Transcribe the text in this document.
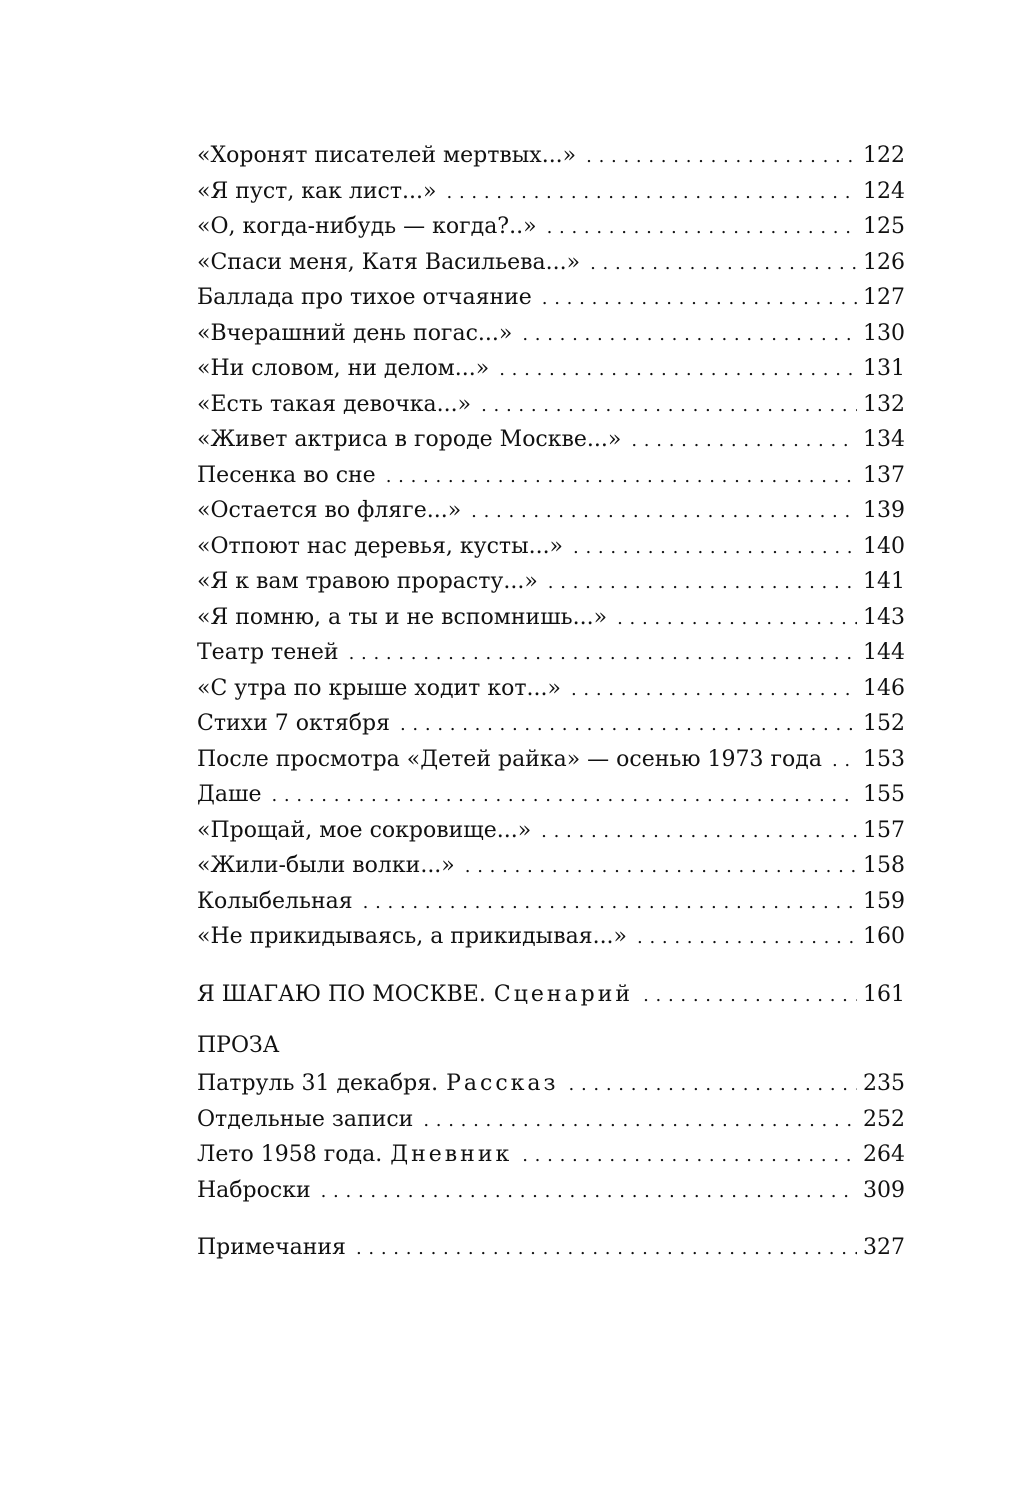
«Хоронят писателей мертвых...» . . .	122
«Я пуст, как лист...» . . .	124
«О, когда-нибудь — когда?..» . . .	125
«Спаси меня, Катя Васильева...» . . .	126
Баллада про тихое отчаяние . . .	127
«Вчерашний день погас...» . . .	130
«Ни словом, ни делом...» . . .	131
«Есть такая девочка...» . . .	132
«Живет актриса в городе Москве...» . . .	134
Песенка во сне . . .	137
«Остается во фляге...» . . .	139
«Отпоют нас деревья, кусты...» . . .	140
«Я к вам травою прорасту...» . . .	141
«Я помню, а ты и не вспомнишь...» . . .	143
Театр теней . . .	144
«С утра по крыше ходит кот...» . . .	146
Стихи 7 октября . . .	152
После просмотра «Детей райка» — осенью 1973 года . . . 153
Даше . . .	155
«Прощай, мое сокровище...» . . .	157
«Жили-были волки...» . . .	158
Колыбельная . . .	159
«Не прикидываясь, а прикидывая...» . . .	160
Я ШАГАЮ ПО МОСКВЕ. Сценарий . . .	161
ПРОЗА
Патруль 31 декабря. Рассказ . . .	235
Отдельные записи . . .	252
Лето 1958 года. Дневник . . .	264
Наброски . . .	309
Примечания . . .	327
